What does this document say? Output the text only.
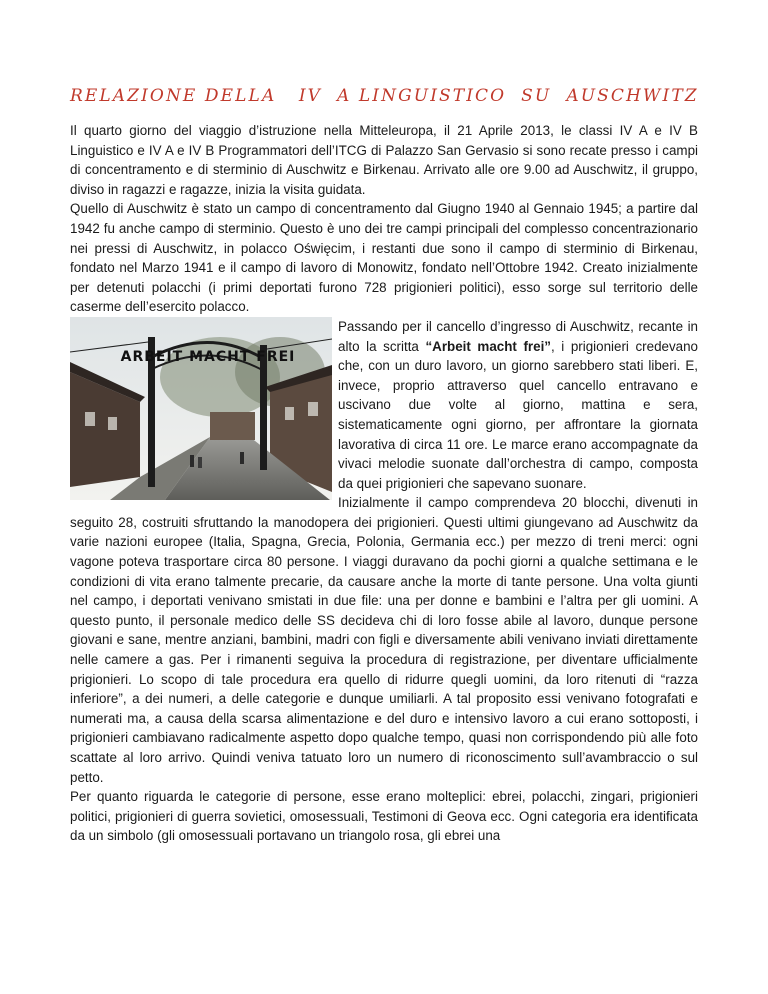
RELAZIONE DELLA   IV  A LINGUISTICO  SU  AUSCHWITZ

Il quarto giorno del viaggio d’istruzione nella Mitteleuropa, il 21 Aprile 2013, le classi IV A e IV B Linguistico e IV A e IV B Programmatori dell’ITCG di Palazzo San Gervasio si sono recate presso i campi di concentramento e di sterminio di Auschwitz e Birkenau. Arrivato alle ore 9.00 ad Auschwitz, il gruppo, diviso in ragazzi e ragazze, inizia la visita guidata.

Quello di Auschwitz è stato un campo di concentramento dal Giugno 1940 al Gennaio 1945; a partire dal 1942 fu anche campo di sterminio. Questo è uno dei tre campi principali del complesso concentrazionario nei pressi di Auschwitz, in polacco Oświęcim, i restanti due sono il campo di sterminio di Birkenau, fondato nel Marzo 1941 e il campo di lavoro di Monowitz, fondato nell’Ottobre 1942. Creato inizialmente per detenuti polacchi (i primi deportati furono 728 prigionieri politici), esso sorge sul territorio delle caserme dell’esercito polacco.

ARBEIT MACHT FREI
Passando per il cancello d’ingresso di Auschwitz, recante in alto la scritta “Arbeit macht frei”, i prigionieri credevano che, con un duro lavoro, un giorno sarebbero stati liberi. E, invece, proprio attraverso quel cancello entravano e uscivano due volte al giorno, mattina e sera, sistematicamente ogni giorno, per affrontare la giornata lavorativa di circa 11 ore. Le marce erano accompagnate da vivaci melodie suonate dall’orchestra di campo, composta da quei prigionieri che sapevano suonare.

Inizialmente il campo comprendeva 20 blocchi, divenuti in seguito 28, costruiti sfruttando la manodopera dei prigionieri. Questi ultimi giungevano ad Auschwitz da varie nazioni europee (Italia, Spagna, Grecia, Polonia, Germania ecc.) per mezzo di treni merci: ogni vagone poteva trasportare circa 80 persone. I viaggi duravano da pochi giorni a qualche settimana e le condizioni di vita erano talmente precarie, da causare anche la morte di tante persone. Una volta giunti nel campo, i deportati venivano smistati in due file: una per donne e bambini e l’altra per gli uomini. A questo punto, il personale medico delle SS decideva chi di loro fosse abile al lavoro, dunque persone giovani e sane, mentre anziani, bambini, madri con figli e diversamente abili venivano inviati direttamente nelle camere a gas. Per i rimanenti seguiva la procedura di registrazione, per diventare ufficialmente prigionieri. Lo scopo di tale procedura era quello di ridurre quegli uomini, da loro ritenuti di “razza inferiore”, a dei numeri, a delle categorie e dunque umiliarli. A tal proposito essi venivano fotografati e numerati ma, a causa della scarsa alimentazione e del duro e intensivo lavoro a cui erano sottoposti, i prigionieri cambiavano radicalmente aspetto dopo qualche tempo, quasi non corrispondendo più alle foto scattate al loro arrivo. Quindi veniva tatuato loro un numero di riconoscimento sull’avambraccio o sul petto.

Per quanto riguarda le categorie di persone, esse erano molteplici: ebrei, polacchi, zingari, prigionieri politici, prigionieri di guerra sovietici, omosessuali, Testimoni di Geova ecc. Ogni categoria era identificata da un simbolo (gli omosessuali portavano un triangolo rosa, gli ebrei una
